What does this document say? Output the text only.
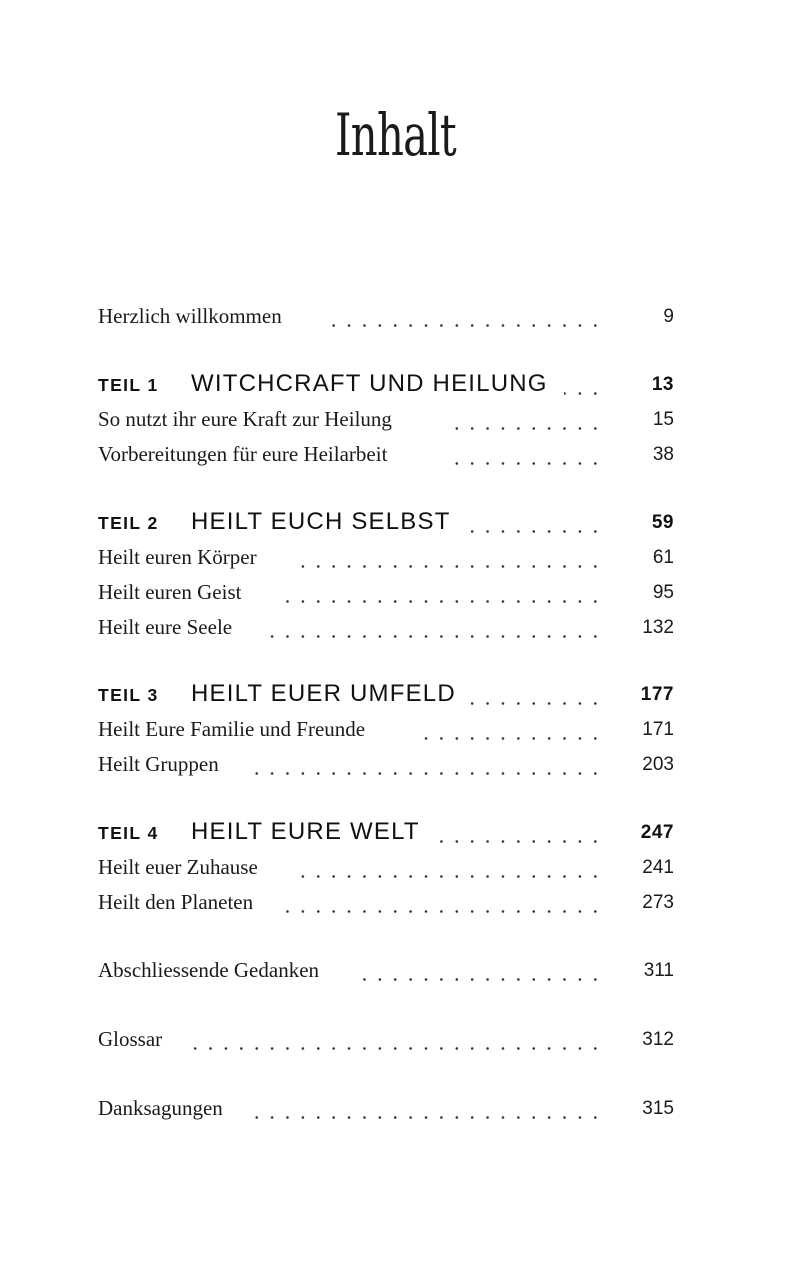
Inhalt
Herzlich willkommen	9
TEIL 1 WITCHCRAFT UND HEILUNG	13
So nutzt ihr eure Kraft zur Heilung	15
Vorbereitungen für eure Heilarbeit	38
TEIL 2 HEILT EUCH SELBST	59
Heilt euren Körper	61
Heilt euren Geist	95
Heilt eure Seele	132
TEIL 3 HEILT EUER UMFELD	177
Heilt Eure Familie und Freunde	171
Heilt Gruppen	203
TEIL 4 HEILT EURE WELT	247
Heilt euer Zuhause	241
Heilt den Planeten	273
Abschliessende Gedanken	311
Glossar	312
Danksagungen	315
